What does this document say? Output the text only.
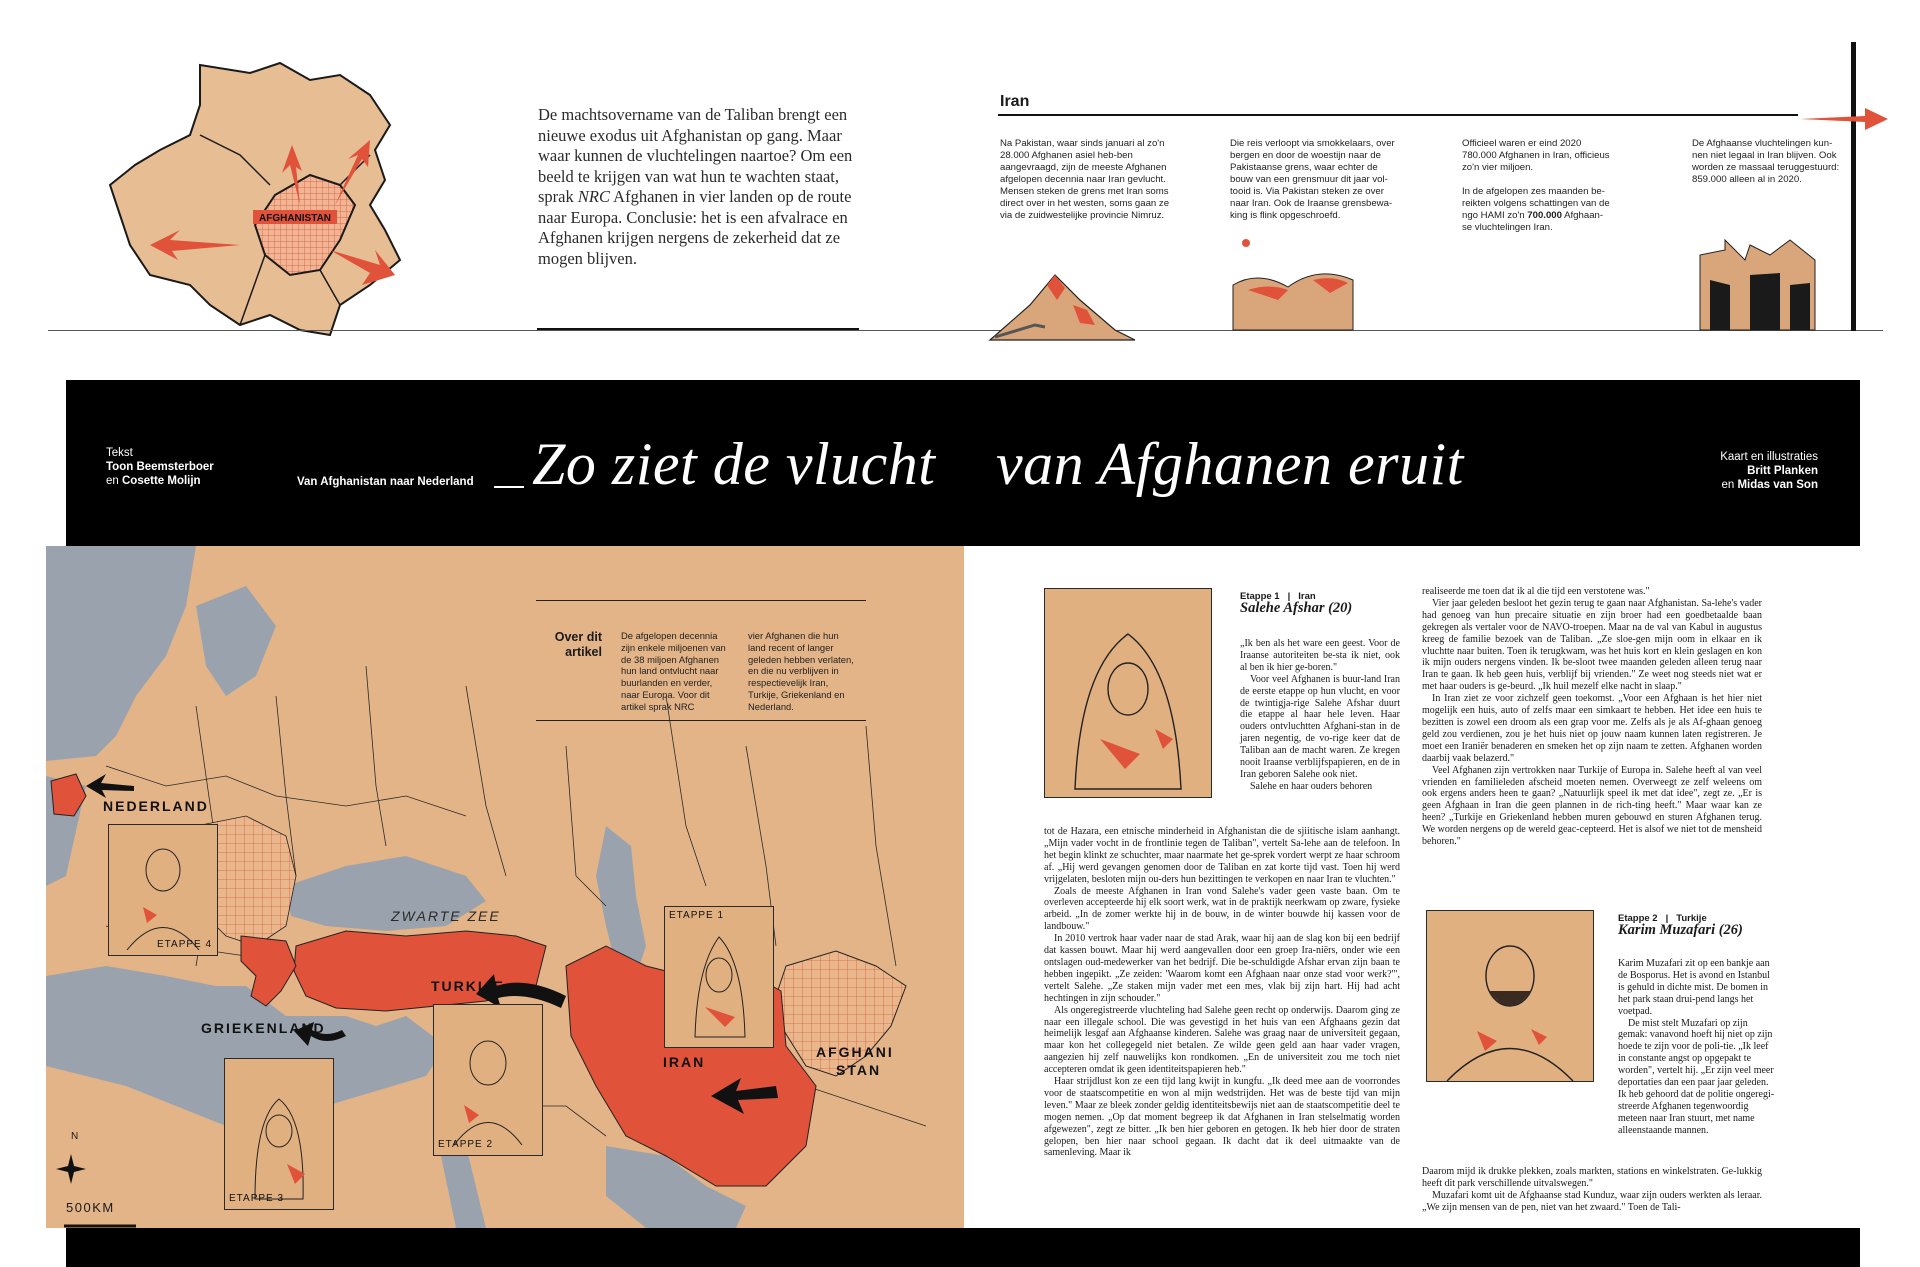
AFGHANISTAN
De machtsovername van de Taliban brengt een nieuwe exodus uit Afghanistan op gang. Maar waar kunnen de vluchtelingen naartoe? Om een beeld te krijgen van wat hun te wachten staat, sprak NRC Afghanen in vier landen op de route naar Europa. Conclusie: het is een afvalrace en Afghanen krijgen nergens de zekerheid dat ze mogen blijven.
Iran
Na Pakistan, waar sinds januari al zo'n 28.000 Afghanen asiel heb-ben aangevraagd, zijn de meeste Afghanen afgelopen decennia naar Iran gevlucht. Mensen steken de grens met Iran soms direct over in het westen, soms gaan ze via de zuidwestelijke provincie Nimruz.
Die reis verloopt via smokkelaars, over bergen en door de woestijn naar de Pakistaanse grens, waar echter de bouw van een grensmuur dit jaar vol-tooid is. Via Pakistan steken ze over naar Iran. Ook de Iraanse grensbewa-king is flink opgeschroefd.
Officieel waren er eind 2020 780.000 Afghanen in Iran, officieus zo'n vier miljoen.
In de afgelopen zes maanden be-reikten volgens schattingen van de ngo HAMI zo'n 700.000 Afghaan-se vluchtelingen Iran.
De Afghaanse vluchtelingen kun-nen niet legaal in Iran blijven. Ook worden ze massaal teruggestuurd: 859.000 alleen al in 2020.
Tekst
Toon Beemsterboer
en Cosette Molijn	Van Afghanistan naar Nederland Zo ziet de vlucht van Afghanen eruit	Kaart en illustraties
Britt Planken
en Midas van Son
NEDERLAND
ZWARTE ZEE
TURKIJE
GRIEKENLAND
IRAN
AFGHANI
STAN
N
500KM
ETAPPE 1
ETAPPE 2
ETAPPE 3
ETAPPE 4
Over dit
artikel
De afgelopen decennia zijn enkele miljoenen van de 38 miljoen Afghanen hun land ontvlucht naar buurlanden en verder, naar Europa. Voor dit artikel sprak NRC
vier Afghanen die hun land recent of langer geleden hebben verlaten, en die nu verblijven in respectievelijk Iran, Turkije, Griekenland en Nederland.
Etappe 1 | Iran
Salehe Afshar (20)

„Ik ben als het ware een geest. Voor de Iraanse autoriteiten be-sta ik niet, ook al ben ik hier ge-boren."

Voor veel Afghanen is buur-land Iran de eerste etappe op hun vlucht, en voor de twintigja-rige Salehe Afshar duurt die etappe al haar hele leven. Haar ouders ontvluchtten Afghani-stan in de jaren negentig, de vo-rige keer dat de Taliban aan de macht waren. Ze kregen nooit Iraanse verblijfspapieren, en de in Iran geboren Salehe ook niet.

Salehe en haar ouders behoren

tot de Hazara, een etnische minderheid in Afghanistan die de sjiitische islam aanhangt. „Mijn vader vocht in de frontlinie tegen de Taliban", vertelt Sa-lehe aan de telefoon. In het begin klinkt ze schuchter, maar naarmate het ge-sprek vordert werpt ze haar schroom af. „Hij werd gevangen genomen door de Taliban en zat korte tijd vast. Toen hij werd vrijgelaten, besloten mijn ou-ders hun bezittingen te verkopen en naar Iran te vluchten."

Zoals de meeste Afghanen in Iran vond Salehe's vader geen vaste baan. Om te overleven accepteerde hij elk soort werk, wat in de praktijk neerkwam op zware, fysieke arbeid. „In de zomer werkte hij in de bouw, in de winter bouwde hij kassen voor de landbouw."

In 2010 vertrok haar vader naar de stad Arak, waar hij aan de slag kon bij een bedrijf dat kassen bouwt. Maar hij werd aangevallen door een groep Ira-niërs, onder wie een ontslagen oud-medewerker van het bedrijf. Die be-schuldigde Afshar ervan zijn baan te hebben ingepikt. „Ze zeiden: 'Waarom komt een Afghaan naar onze stad voor werk?'", vertelt Salehe. „Ze staken mijn vader met een mes, vlak bij zijn hart. Hij had acht hechtingen in zijn schouder."

Als ongeregistreerde vluchteling had Salehe geen recht op onderwijs. Daarom ging ze naar een illegale school. Die was gevestigd in het huis van een Afghaans gezin dat heimelijk lesgaf aan Afghaanse kinderen. Salehe was graag naar de universiteit gegaan, maar kon het collegegeld niet betalen. Ze wilde geen geld aan haar vader vragen, aangezien hij zelf nauwelijks kon rondkomen. „En de universiteit zou me toch niet accepteren omdat ik geen identiteitspapieren heb."

Haar strijdlust kon ze een tijd lang kwijt in kungfu. „Ik deed mee aan de voorrondes voor de staatscompetitie en won al mijn wedstrijden. Het was de beste tijd van mijn leven." Maar ze bleek zonder geldig identiteitsbewijs niet aan de staatscompetitie deel te mogen nemen. „Op dat moment begreep ik dat Afghanen in Iran stelselmatig worden afgewezen", zegt ze bitter. „Ik ben hier geboren en getogen. Ik heb hier door de straten gelopen, ben hier naar school gegaan. Ik dacht dat ik deel uitmaakte van de samenleving. Maar ik

realiseerde me toen dat ik al die tijd een verstotene was."

Vier jaar geleden besloot het gezin terug te gaan naar Afghanistan. Sa-lehe's vader had genoeg van hun precaire situatie en zijn broer had een goedbetaalde baan gekregen als vertaler voor de NAVO-troepen. Maar na de val van Kabul in augustus kreeg de familie bezoek van de Taliban. „Ze sloe-gen mijn oom in elkaar en ik vluchtte naar buiten. Toen ik terugkwam, was het huis kort en klein geslagen en kon ik mijn ouders nergens vinden. Ik be-sloot twee maanden geleden alleen terug naar Iran te gaan. Ik heb geen huis, verblijf bij vrienden." Ze weet nog steeds niet wat er met haar ouders is ge-beurd. „Ik huil mezelf elke nacht in slaap."

In Iran ziet ze voor zichzelf geen toekomst. „Voor een Afghaan is het hier niet mogelijk een huis, auto of zelfs maar een simkaart te hebben. Het idee een huis te bezitten is zowel een droom als een grap voor me. Zelfs als je als Af-ghaan genoeg geld zou verdienen, zou je het huis niet op jouw naam kunnen laten registreren. Je moet een Iraniër benaderen en smeken het op zijn naam te zetten. Afghanen worden daarbij vaak belazerd."

Veel Afghanen zijn vertrokken naar Turkije of Europa in. Salehe heeft al van veel vrienden en familieleden afscheid moeten nemen. Overweegt ze zelf weleens om ook ergens anders heen te gaan? „Natuurlijk speel ik met dat idee", zegt ze. „Er is geen Afghaan in Iran die geen plannen in de rich-ting heeft." Maar waar kan ze heen? „Turkije en Griekenland hebben muren gebouwd en sturen Afghanen terug. We worden nergens op de wereld geac-cepteerd. Het is alsof we niet tot de mensheid behoren."

Etappe 2 | Turkije
Karim Muzafari (26)

Karim Muzafari zit op een bankje aan de Bosporus. Het is avond en Istanbul is gehuld in dichte mist. De bomen in het park staan drui-pend langs het voetpad.

De mist stelt Muzafari op zijn gemak: vanavond hoeft hij niet op zijn hoede te zijn voor de poli-tie. „Ik leef in constante angst op opgepakt te worden", vertelt hij. „Er zijn veel meer deportaties dan een paar jaar geleden. Ik heb gehoord dat de politie ongeregi-streerde Afghanen tegenwoordig meteen naar Iran stuurt, met name alleenstaande mannen.

Daarom mijd ik drukke plekken, zoals markten, stations en winkelstraten. Ge-lukkig heeft dit park verschillende uitvalswegen."

Muzafari komt uit de Afghaanse stad Kunduz, waar zijn ouders werkten als leraar. „We zijn mensen van de pen, niet van het zwaard." Toen de Tali-
